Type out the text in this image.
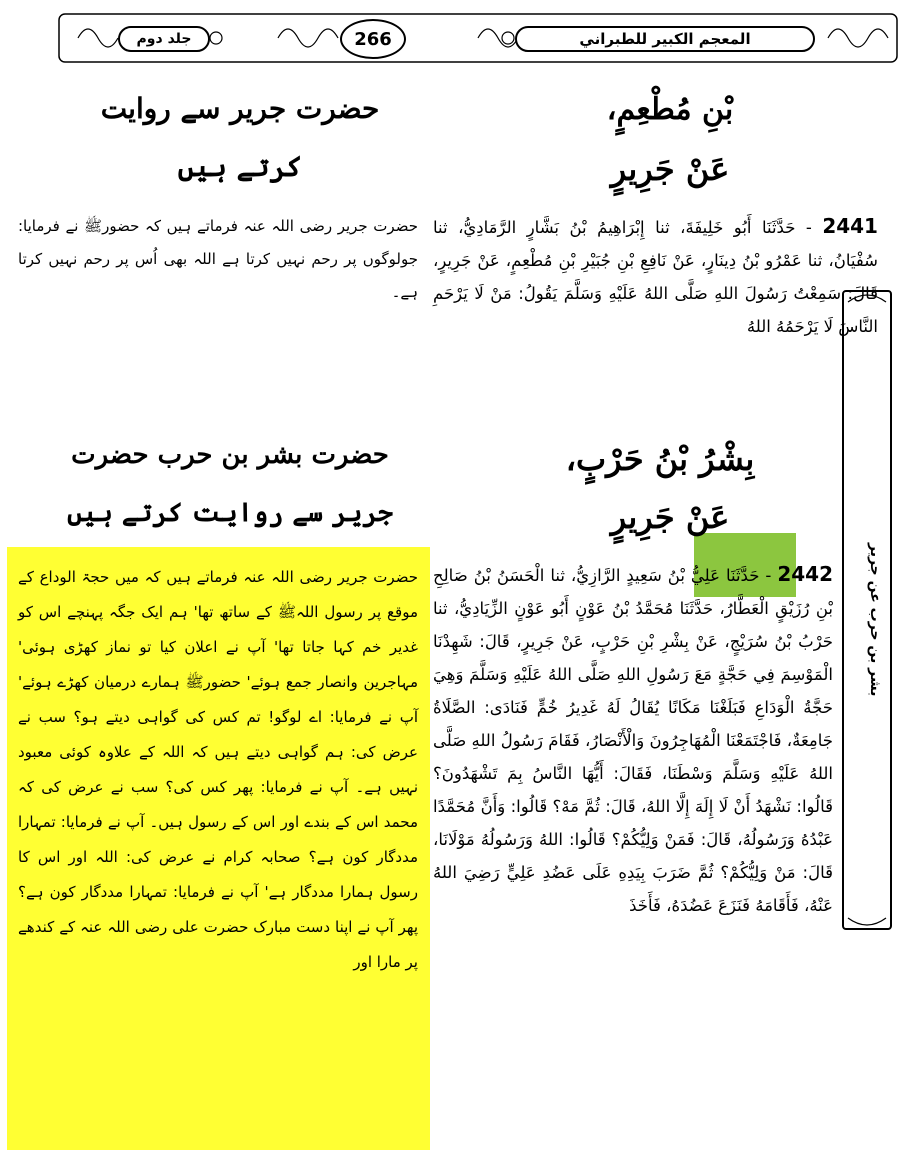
جلد دوم	266	المعجم الكبير للطبراني
بْنِ مُطْعِمٍ،
عَنْ جَرِيرٍ
2441 - حَدَّثَنَا أَبُو خَلِيفَةَ، ثنا إِبْرَاهِيمُ بْنُ بَشَّارٍ الرَّمَادِيُّ، ثنا سُفْيَانُ، ثنا عَمْرُو بْنُ دِينَارٍ، عَنْ نَافِعِ بْنِ جُبَيْرِ بْنِ مُطْعِمٍ، عَنْ جَرِيرٍ، قَالَ: سَمِعْتُ رَسُولَ اللهِ صَلَّى اللهُ عَلَيْهِ وَسَلَّمَ يَقُولُ: مَنْ لَا يَرْحَمِ النَّاسَ لَا يَرْحَمُهُ اللهُ
بِشْرُ بْنُ حَرْبٍ،
عَنْ جَرِيرٍ
2442 - حَدَّثَنَا عَلِيُّ بْنُ سَعِيدٍ الرَّازِيُّ، ثنا الْحَسَنُ بْنُ صَالِحِ بْنِ رُزَيْقٍ الْعَطَّارُ، حَدَّثَنَا مُحَمَّدُ بْنُ عَوْنٍ أَبُو عَوْنٍ الزِّيَادِيُّ، ثنا حَرْبُ بْنُ سُرَيْجٍ، عَنْ بِشْرِ بْنِ حَرْبٍ، عَنْ جَرِيرٍ، قَالَ: شَهِدْنَا الْمَوْسِمَ فِي حَجَّةٍ مَعَ رَسُولِ اللهِ صَلَّى اللهُ عَلَيْهِ وَسَلَّمَ وَهِيَ حَجَّةُ الْوَدَاعِ فَبَلَغْنَا مَكَانًا يُقَالُ لَهُ غَدِيرُ خُمٍّ فَنَادَى: الصَّلَاةُ جَامِعَةٌ، فَاجْتَمَعْنَا الْمُهَاجِرُونَ وَالْأَنْصَارُ، فَقَامَ رَسُولُ اللهِ صَلَّى اللهُ عَلَيْهِ وَسَلَّمَ وَسْطَنَا، فَقَالَ: أَيُّهَا النَّاسُ بِمَ تَشْهَدُونَ؟ قَالُوا: نَشْهَدُ أَنْ لَا إِلَهَ إِلَّا اللهُ، قَالَ: ثُمَّ مَهْ؟ قَالُوا: وَأَنَّ مُحَمَّدًا عَبْدُهُ وَرَسُولُهُ، قَالَ: فَمَنْ وَلِيُّكُمْ؟ قَالُوا: اللهُ وَرَسُولُهُ مَوْلَانَا، قَالَ: مَنْ وَلِيُّكُمْ؟ ثُمَّ ضَرَبَ بِيَدِهِ عَلَى عَضُدِ عَلِيٍّ رَضِيَ اللهُ عَنْهُ، فَأَقَامَهُ فَنَزَعَ عَضُدَهُ، فَأَخَذَ
بشر بن حرب عن جریر
حضرت جریر سے روایت
کرتے ہیں
حضرت جریر رضی اللہ عنہ فرماتے ہیں کہ حضورﷺ نے فرمایا: جولوگوں پر رحم نہیں کرتا ہے اللہ بھی اُس پر رحم نہیں کرتا ہے۔
حضرت بشر بن حرب حضرت
جریر سے روایت کرتے ہیں
حضرت جریر رضی اللہ عنہ فرماتے ہیں کہ میں حجۃ الوداع کے موقع پر رسول اللہﷺ کے ساتھ تھا' ہم ایک جگہ پہنچے اس کو غدیر خم کہا جاتا تھا' آپ نے اعلان کیا تو نماز کھڑی ہوئی' مہاجرین وانصار جمع ہوئے' حضورﷺ ہمارے درمیان کھڑے ہوئے' آپ نے فرمایا: اے لوگو! تم کس کی گواہی دیتے ہو؟ سب نے عرض کی: ہم گواہی دیتے ہیں کہ اللہ کے علاوہ کوئی معبود نہیں ہے۔ آپ نے فرمایا: پھر کس کی؟ سب نے عرض کی کہ محمد اس کے بندے اور اس کے رسول ہیں۔ آپ نے فرمایا: تمہارا مددگار کون ہے؟ صحابہ کرام نے عرض کی: اللہ اور اس کا رسول ہمارا مددگار ہے' آپ نے فرمایا: تمہارا مددگار کون ہے؟ پھر آپ نے اپنا دست مبارک حضرت علی رضی اللہ عنہ کے کندھے پر مارا اور
